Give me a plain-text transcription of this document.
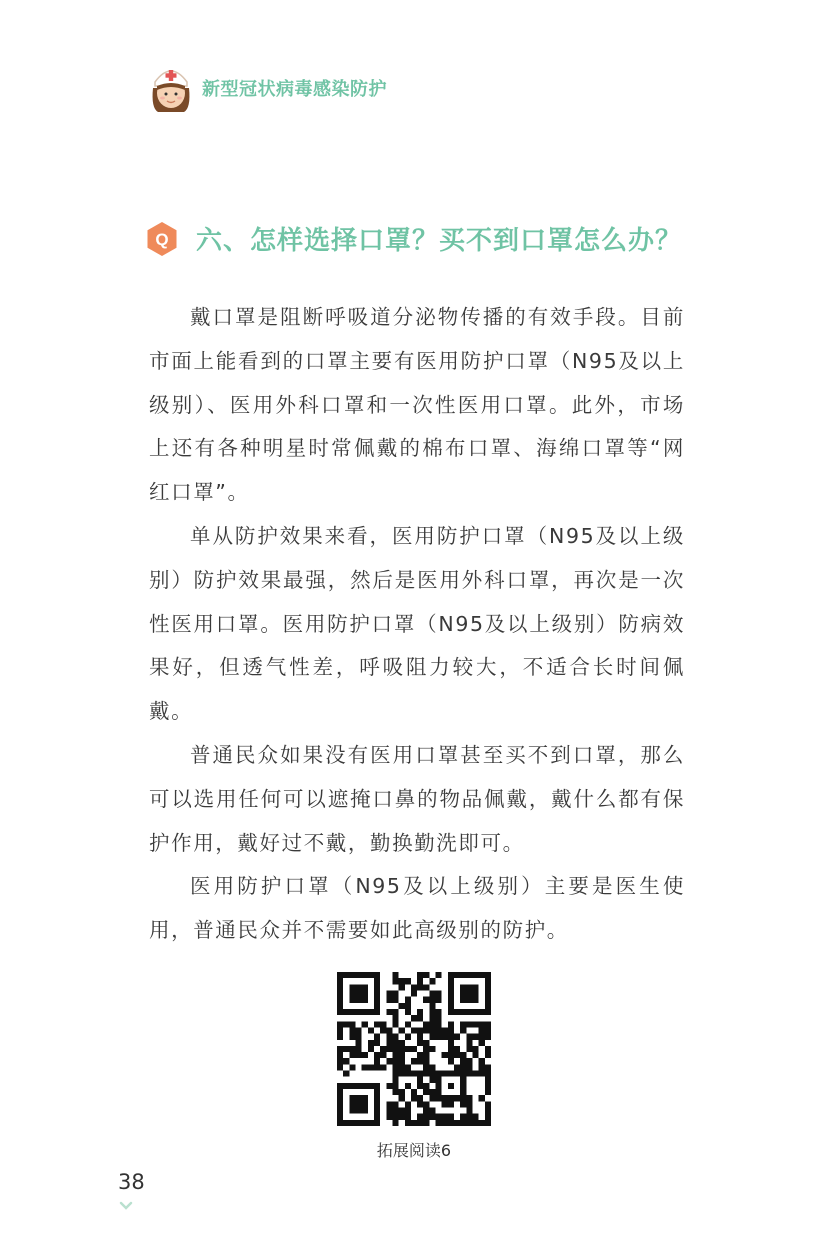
新型冠状病毒感染防护
Q 六、怎样选择口罩？买不到口罩怎么办？

戴口罩是阻断呼吸道分泌物传播的有效手段。目前市面上能看到的口罩主要有医用防护口罩（N95及以上级别）、医用外科口罩和一次性医用口罩。此外，市场上还有各种明星时常佩戴的棉布口罩、海绵口罩等“网红口罩”。

单从防护效果来看，医用防护口罩（N95及以上级别）防护效果最强，然后是医用外科口罩，再次是一次性医用口罩。医用防护口罩（N95及以上级别）防病效果好，但透气性差，呼吸阻力较大，不适合长时间佩戴。

普通民众如果没有医用口罩甚至买不到口罩，那么可以选用任何可以遮掩口鼻的物品佩戴，戴什么都有保护作用，戴好过不戴，勤换勤洗即可。

医用防护口罩（N95及以上级别）主要是医生使用，普通民众并不需要如此高级别的防护。

拓展阅读6
38
